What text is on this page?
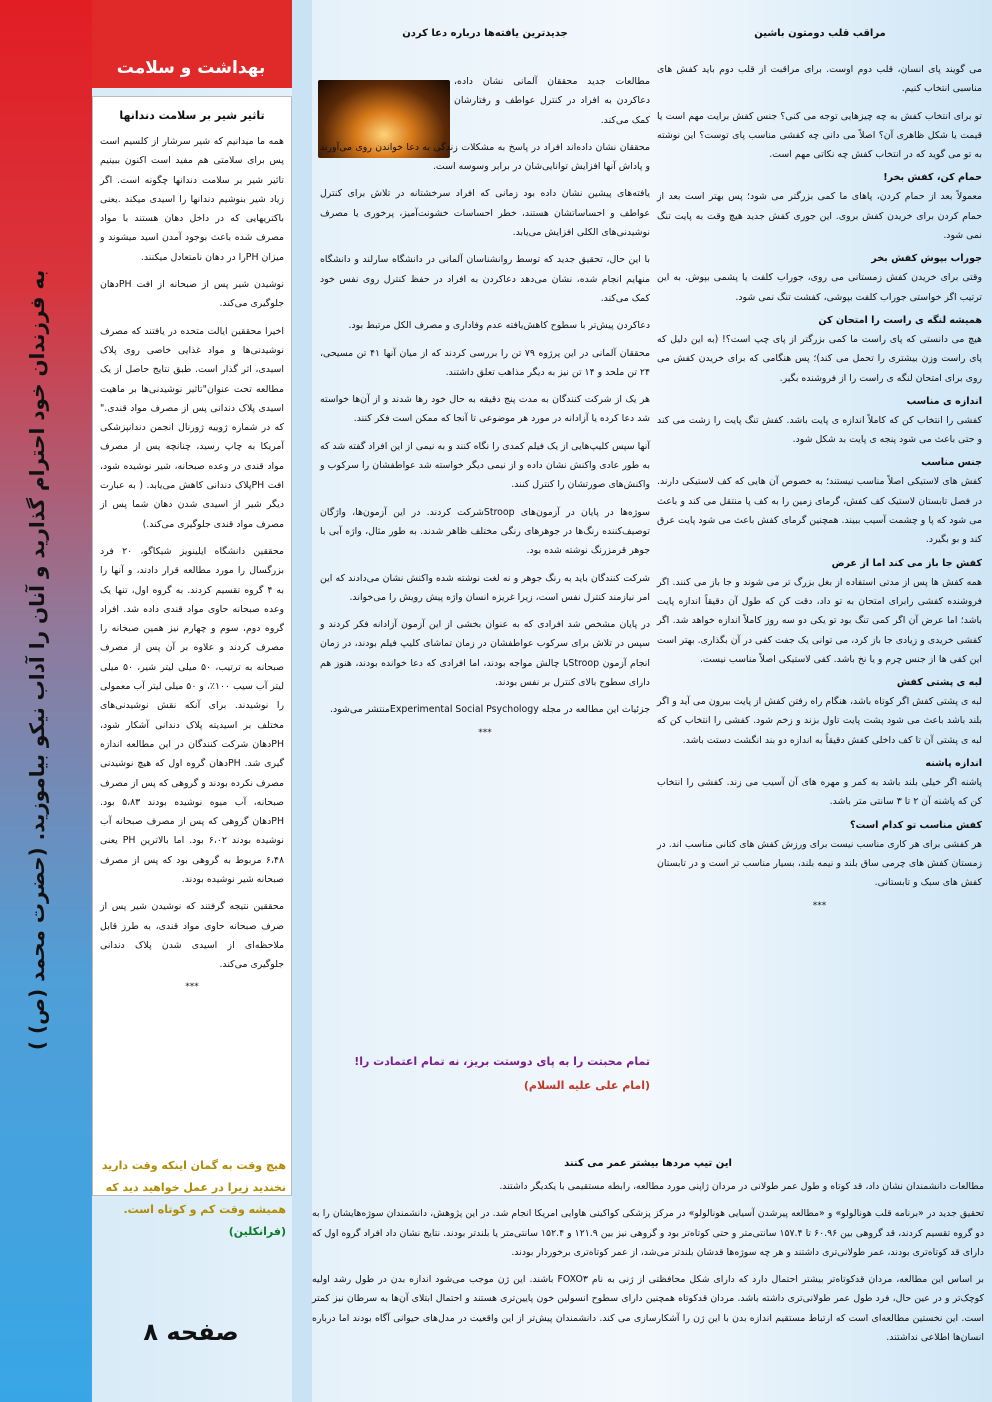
به فرزندان خود احترام گذارید و آنان را آداب نیکو بیاموزید. (حضرت محمد (ص) )
بهداشت و سلامت
تاثیر شیر بر سلامت دندانها

همه ما میدانیم که شیر سرشار از کلسیم است پس برای سلامتی هم مفید است اکنون ببینیم تاثیر شیر بر سلامت دندانها چگونه است. اگر زیاد شیر بنوشیم دندانها را اسیدی میکند .یعنی باکتریهایی که در داخل دهان هستند با مواد مصرف شده باعث بوجود آمدن اسید میشوند و میزان PHرا در دهان نامتعادل میکنند.

نوشیدن شیر پس از صبحانه از افت PHدهان جلوگیری می‌کند.

اخیرا محققین ایالت متحده در یافتند که مصرف نوشیدنی‌ها و مواد غذایی خاصی روی پلاک اسیدی، اثر گذار است. طبق نتایج حاصل از یک مطالعه تحت عنوان"تاثیر نوشیدنی‌ها بر ماهیت اسیدی پلاک دندانی پس از مصرف مواد قندی." که در شماره ژوییه ژورنال انجمن دندانپزشکی آمریکا به چاپ رسید، چنانچه پس از مصرف مواد قندی در وعده صبحانه، شیر نوشیده شود، افت PHپلاک دندانی کاهش می‌یابد. ( به عبارت دیگر شیر از اسیدی شدن دهان شما پس از مصرف مواد قندی جلوگیری می‌کند.)

محققین دانشگاه ایلینویز شیکاگو، ۲۰ فرد بزرگسال را مورد مطالعه قرار دادند، و آنها را به ۴ گروه تقسیم کردند. به گروه اول، تنها یک وعده صبحانه حاوی مواد قندی داده شد. افراد گروه دوم، سوم و چهارم نیز همین صبحانه را مصرف کردند و علاوه بر آن پس از مصرف صبحانه به ترتیب، ۵۰ میلی لیتر شیر، ۵۰ میلی لیتر آب سیب ۱۰۰٪، و ۵۰ میلی لیتر آب معمولی را نوشیدند. برای آنکه نقش نوشیدنی‌های مختلف بر اسیدیته پلاک دندانی آشکار شود، PHدهان شرکت کنندگان در این مطالعه اندازه گیری شد. PHدهان گروه اول که هیچ نوشیدنی مصرف نکرده بودند و گروهی که پس از مصرف صبحانه، آب میوه نوشیده بودند ۵،۸۳ بود. PHدهان گروهی که پس از مصرف صبحانه آب نوشیده بودند ۶،۰۲ بود. اما بالاترین PH یعنی ۶،۴۸ مربوط به گروهی بود که پس از مصرف صبحانه شیر نوشیده بودند.

محققین نتیجه گرفتند که نوشیدن شیر پس از صرف صبحانه حاوی مواد قندی، به طرز قابل ملاحظه‌ای از اسیدی شدن پلاک دندانی جلوگیری می‌کند.

***
هیچ وقت به گمان اینکه وقت دارید نخندید زیرا در عمل خواهید دید که همیشه وقت کم و کوتاه است.
(فرانکلین)
صفحه ۸
جدیدترین یافته‌ها درباره دعا کردن

مطالعات جدید محققان آلمانی نشان داده، دعاکردن به افراد در کنترل عواطف و رفتارشان کمک می‌کند.

محققان نشان داده‌اند افراد در پاسخ به مشکلات زندگی به دعا خواندن روی می‌آورند و پاداش آنها افزایش توانایی‌شان در برابر وسوسه است.

یافته‌های پیشین نشان داده بود زمانی که افراد سرخشتانه در تلاش برای کنترل عواطف و احساساتشان هستند، خطر احساسات خشونت‌آمیز، پرخوری یا مصرف نوشیدنی‌های الکلی افزایش می‌یابد.

با این حال، تحقیق جدید که توسط روانشناسان آلمانی در دانشگاه سارلند و دانشگاه منهایم انجام شده، نشان می‌دهد دعاکردن به افراد در حفظ کنترل روی نفس خود کمک می‌کند.

دعاکردن پیش‌تر با سطوح کاهش‌یافته عدم وفاداری و مصرف الکل مرتبط بود.

محققان آلمانی در این پرژوه ۷۹ تن را بررسی کردند که از میان آنها ۴۱ تن مسیحی، ۲۴ تن ملحد و ۱۴ تن نیز به دیگر مذاهب تعلق داشتند.

هر یک از شرکت کنندگان به مدت پنج دقیقه به حال خود رها شدند و از آن‌ها خواسته شد دعا کرده یا آزادانه در مورد هر موضوعی تا آنجا که ممکن است فکر کنند.

آنها سپس کلیپ‌هایی از یک فیلم کمدی را نگاه کنند و به نیمی از این افراد گفته شد که به طور عادی واکنش نشان داده و از نیمی دیگر خواسته شد عواطفشان را سرکوب و واکنش‌های صورتشان را کنترل کنند.

سوژه‌ها در پایان در آزمون‌های Stroopشرکت کردند. در این آزمون‌ها، واژگان توصیف‌کننده رنگ‌ها در جوهرهای رنگی مختلف ظاهر شدند. به طور مثال، واژه آبی با جوهر قرمزرنگ نوشته شده بود.

شرکت کنندگان باید به رنگ جوهر و نه لغت نوشته شده واکنش نشان می‌دادند که این امر نیازمند کنترل نفس است، زیرا غریزه انسان واژه پیش رویش را می‌خواند.

در پایان مشخص شد افرادی که به عنوان بخشی از این آزمون آزادانه فکر کردند و سپس در تلاش برای سرکوب عواطفشان در زمان تماشای کلیپ فیلم بودند، در زمان انجام آزمون Stroopبا چالش مواجه بودند، اما افرادی که دعا خوانده بودند، هنوز هم دارای سطوح بالای کنترل بر نفس بودند.

جزئیات این مطالعه در مجله Experimental Social Psychologyمنتشر می‌شود.

***
تمام محبتت را به پای دوستت بریز، نه تمام اعتمادت را!
(امام علی علیه السلام)
مراقب قلب دومتون باشین

می گویند پای انسان، قلب دوم اوست. برای مراقبت از قلب دوم باید کفش های مناسبی انتخاب کنیم.

تو برای انتخاب کفش به چه چیزهایی توجه می کنی؟ جنس کفش برایت مهم است یا قیمت یا شکل ظاهری آن؟ اصلاً می دانی چه کفشی مناسب پای توست؟ این نوشته به تو می گوید که در انتخاب کفش چه نکاتی مهم است.

حمام کن، کفش بخر!

معمولاً بعد از حمام کردن، پاهای ما کمی بزرگتر می شود؛ پس بهتر است بعد از حمام کردن برای خریدن کفش بروی. این جوری کفش جدید هیچ وقت به پایت تنگ نمی شود.

جوراب بپوش کفش بخر

وقتی برای خریدن کفش زمستانی می روی، جوراب کلفت یا پشمی بپوش. به این ترتیب اگر خواستی جوراب کلفت بپوشی، کفشت تنگ نمی شود.

همیشه لنگه ی راست را امتحان کن

هیچ می دانستی که پای راست ما کمی بزرگتر از پای چپ است؟! (به این دلیل که پای راست وزن بیشتری را تحمل می کند)؛ پس هنگامی که برای خریدن کفش می روی برای امتحان لنگه ی راست را از فروشنده بگیر.

اندازه ی مناسب

کفشی را انتخاب کن که کاملاً اندازه ی پایت باشد. کفش تنگ پایت را زشت می کند و حتی باعث می شود پنجه ی پایت بد شکل شود.

جنس مناسب

کفش های لاستیکی اصلاً مناسب نیستند؛ به خصوص آن هایی که کف لاستیکی دارند. در فصل تابستان لاستیک کف کفش، گرمای زمین را به کف پا منتقل می کند و باعث می شود که پا و چشمت آسیب ببیند. همچنین گرمای کفش باعث می شود پایت عرق کند و بو بگیرد.

کفش جا باز می کند اما از عرض

همه کفش ها پس از مدتی استفاده از بغل بزرگ تر می شوند و جا باز می کنند. اگر فروشنده کفشی رابرای امتحان به تو داد، دقت کن که طول آن دقیقاً اندازه پایت باشد؛ اما عرض آن اگر کمی تنگ بود تو یکی دو سه روز کاملاً اندازه خواهد شد. اگر کفشی خریدی و زیادی جا باز کرد، می توانی یک جفت کفی در آن بگذاری. بهتر است این کفی ها از جنس چرم و یا نخ باشد. کفی لاستیکی اصلاً مناسب نیست.

لبه ی پشتی کفش

لبه ی پشتی کفش اگر کوتاه باشد، هنگام راه رفتن کفش از پایت بیرون می آید و اگر بلند باشد باعث می شود پشت پایت تاول بزند و زخم شود. کفشی را انتخاب کن که لبه ی پشتی آن تا کف داخلی کفش دقیقاً به اندازه دو بند انگشت دستت باشد.

اندازه پاشنه

پاشنه اگر خیلی بلند باشد به کمر و مهره های آن آسیب می زند. کفشی را انتخاب کن که پاشنه آن ۲ تا ۳ سانتی متر باشد.

کفش مناسب تو کدام است؟

هر کفشی برای هر کاری مناسب نیست برای ورزش کفش های کتانی مناسب اند. در زمستان کفش های چرمی ساق بلند و نیمه بلند، بسیار مناسب تر است و در تابستان کفش های سبک و تابستانی.

***
این تیپ مردها بیشتر عمر می کنند

مطالعات دانشمندان نشان داد، قد کوتاه و طول عمر طولانی در مردان ژاپنی مورد مطالعه، رابطه مستقیمی با یکدیگر داشتند.

تحقیق جدید در «برنامه قلب هونالولو» و «مطالعه پیرشدن آسیایی هونالولو» در مرکز پزشکی کواکینی هاوایی امریکا انجام شد. در این پژوهش، دانشمندان سوژه‌هایشان را به دو گروه تقسیم کردند، قد گروهی بین ۶۰.۹۶ تا ۱۵۷.۴ سانتی‌متر و حتی کوتاه‌تر بود و گروهی نیز بین ۱۲۱.۹ و ۱۵۲.۴ سانتی‌متر یا بلندتر بودند. نتایج نشان داد افراد گروه اول که دارای قد کوتاه‌تری بودند، عمر طولانی‌تری داشتند و هر چه سوژه‌ها قدشان بلندتر می‌شد، از عمر کوتاه‌تری برخوردار بودند.

بر اساس این مطالعه، مردان قدکوتاه‌تر بیشتر احتمال دارد که دارای شکل محافظتی از ژنی به نام FOXO۳ باشند. این ژن موجب می‌شود اندازه بدن در طول رشد اولیه کوچک‌تر و در عین حال، فرد طول عمر طولانی‌تری داشته باشد. مردان قدکوتاه همچنین دارای سطوح انسولین خون پایین‌تری هستند و احتمال ابتلای آن‌ها به سرطان نیز کمتر است. این نخستین مطالعه‌ای است که ارتباط مستقیم اندازه بدن با این ژن را آشکارسازی می کند. دانشمندان پیش‌تر از این واقعیت در مدل‌های حیوانی آگاه بودند اما درباره انسان‌ها اطلاعی نداشتند.
